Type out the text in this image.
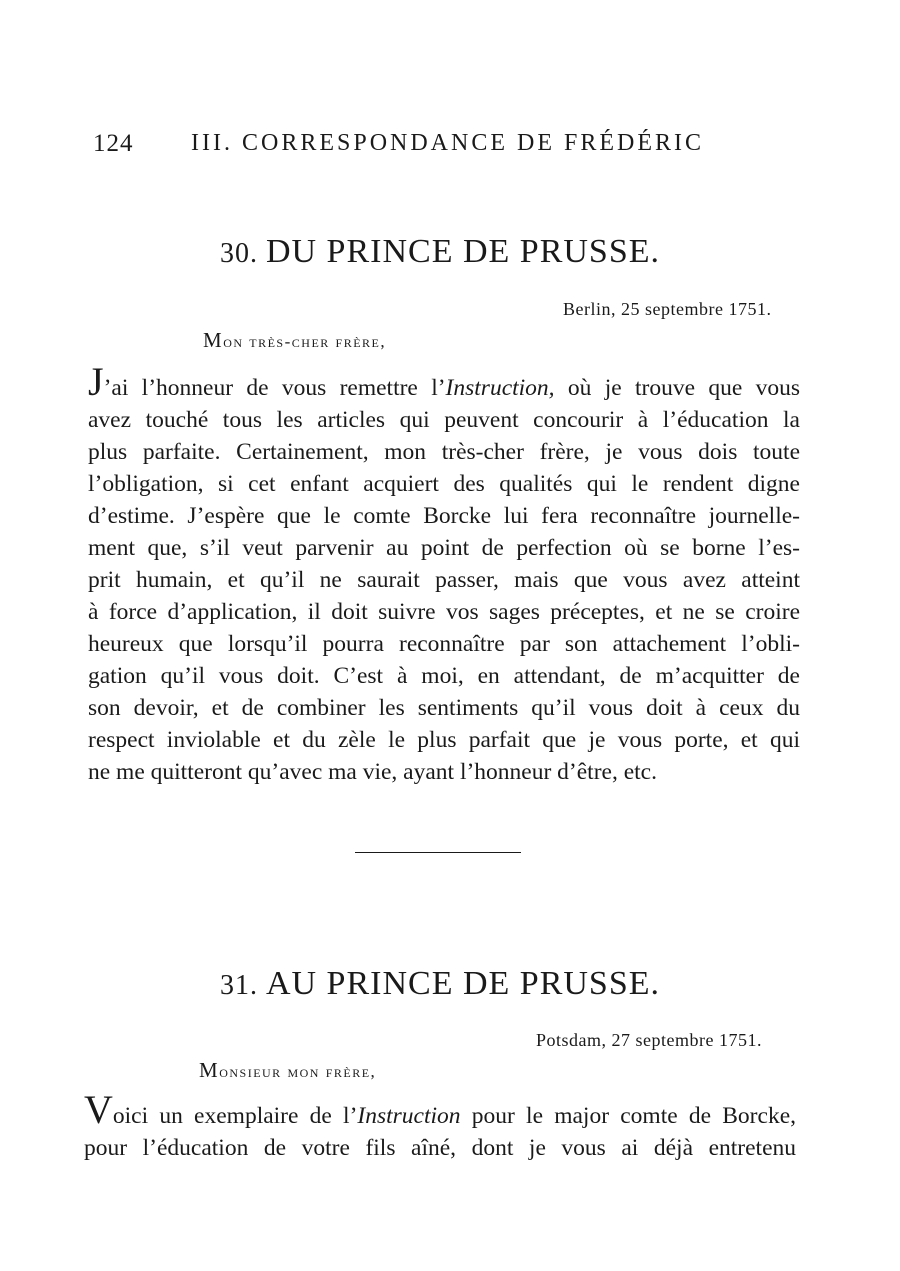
124 III. CORRESPONDANCE DE FRÉDÉRIC
30. DU PRINCE DE PRUSSE.
Berlin, 25 septembre 1751.
Mon très-cher frère,
J’ai l’honneur de vous remettre l’Instruction, où je trouve que vous
avez touché tous les articles qui peuvent concourir à l’éducation la
plus parfaite. Certainement, mon très-cher frère, je vous dois toute
l’obligation, si cet enfant acquiert des qualités qui le rendent digne
d’estime. J’espère que le comte Borcke lui fera reconnaître journelle-
ment que, s’il veut parvenir au point de perfection où se borne l’es-
prit humain, et qu’il ne saurait passer, mais que vous avez atteint
à force d’application, il doit suivre vos sages préceptes, et ne se croire
heureux que lorsqu’il pourra reconnaître par son attachement l’obli-
gation qu’il vous doit. C’est à moi, en attendant, de m’acquitter de
son devoir, et de combiner les sentiments qu’il vous doit à ceux du
respect inviolable et du zèle le plus parfait que je vous porte, et qui
ne me quitteront qu’avec ma vie, ayant l’honneur d’être, etc.
31. AU PRINCE DE PRUSSE.
Potsdam, 27 septembre 1751.
Monsieur mon frère,
Voici un exemplaire de l’Instruction pour le major comte de Borcke,
pour l’éducation de votre fils aîné, dont je vous ai déjà entretenu
